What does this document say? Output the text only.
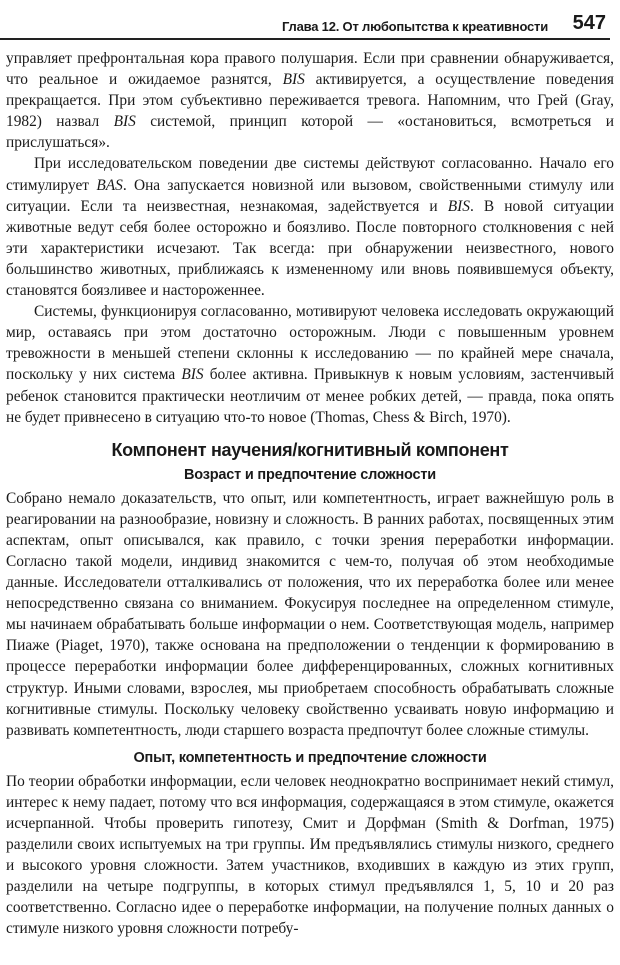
Глава 12. От любопытства к креативности 547

управляет префронтальная кора правого полушария. Если при сравнении обнаруживается, что реальное и ожидаемое разнятся, BIS активируется, а осуществление поведения прекращается. При этом субъективно переживается тревога. Напомним, что Грей (Gray, 1982) назвал BIS системой, принцип которой — «остановиться, всмотреться и прислушаться».

При исследовательском поведении две системы действуют согласованно. Начало его стимулирует BAS. Она запускается новизной или вызовом, свойственными стимулу или ситуации. Если та неизвестная, незнакомая, задействуется и BIS. В новой ситуации животные ведут себя более осторожно и боязливо. После повторного столкновения с ней эти характеристики исчезают. Так всегда: при обнаружении неизвестного, нового большинство животных, приближаясь к измененному или вновь появившемуся объекту, становятся боязливее и настороженнее.

Системы, функционируя согласованно, мотивируют человека исследовать окружающий мир, оставаясь при этом достаточно осторожным. Люди с повышенным уровнем тревожности в меньшей степени склонны к исследованию — по крайней мере сначала, поскольку у них система BIS более активна. Привыкнув к новым условиям, застенчивый ребенок становится практически неотличим от менее робких детей, — правда, пока опять не будет привнесено в ситуацию что-то новое (Thomas, Chess & Birch, 1970).

Компонент научения/когнитивный компонент
Возраст и предпочтение сложности

Собрано немало доказательств, что опыт, или компетентность, играет важнейшую роль в реагировании на разнообразие, новизну и сложность. В ранних работах, посвященных этим аспектам, опыт описывался, как правило, с точки зрения переработки информации. Согласно такой модели, индивид знакомится с чем-то, получая об этом необходимые данные. Исследователи отталкивались от положения, что их переработка более или менее непосредственно связана со вниманием. Фокусируя последнее на определенном стимуле, мы начинаем обрабатывать больше информации о нем. Соответствующая модель, например Пиаже (Piaget, 1970), также основана на предположении о тенденции к формированию в процессе переработки информации более дифференцированных, сложных когнитивных структур. Иными словами, взрослея, мы приобретаем способность обрабатывать сложные когнитивные стимулы. Поскольку человеку свойственно усваивать новую информацию и развивать компетентность, люди старшего возраста предпочтут более сложные стимулы.

Опыт, компетентность и предпочтение сложности

По теории обработки информации, если человек неоднократно воспринимает некий стимул, интерес к нему падает, потому что вся информация, содержащаяся в этом стимуле, окажется исчерпанной. Чтобы проверить гипотезу, Смит и Дорфман (Smith & Dorfman, 1975) разделили своих испытуемых на три группы. Им предъявлялись стимулы низкого, среднего и высокого уровня сложности. Затем участников, входивших в каждую из этих групп, разделили на четыре подгруппы, в которых стимул предъявлялся 1, 5, 10 и 20 раз соответственно. Согласно идее о переработке информации, на получение полных данных о стимуле низкого уровня сложности потребу-
